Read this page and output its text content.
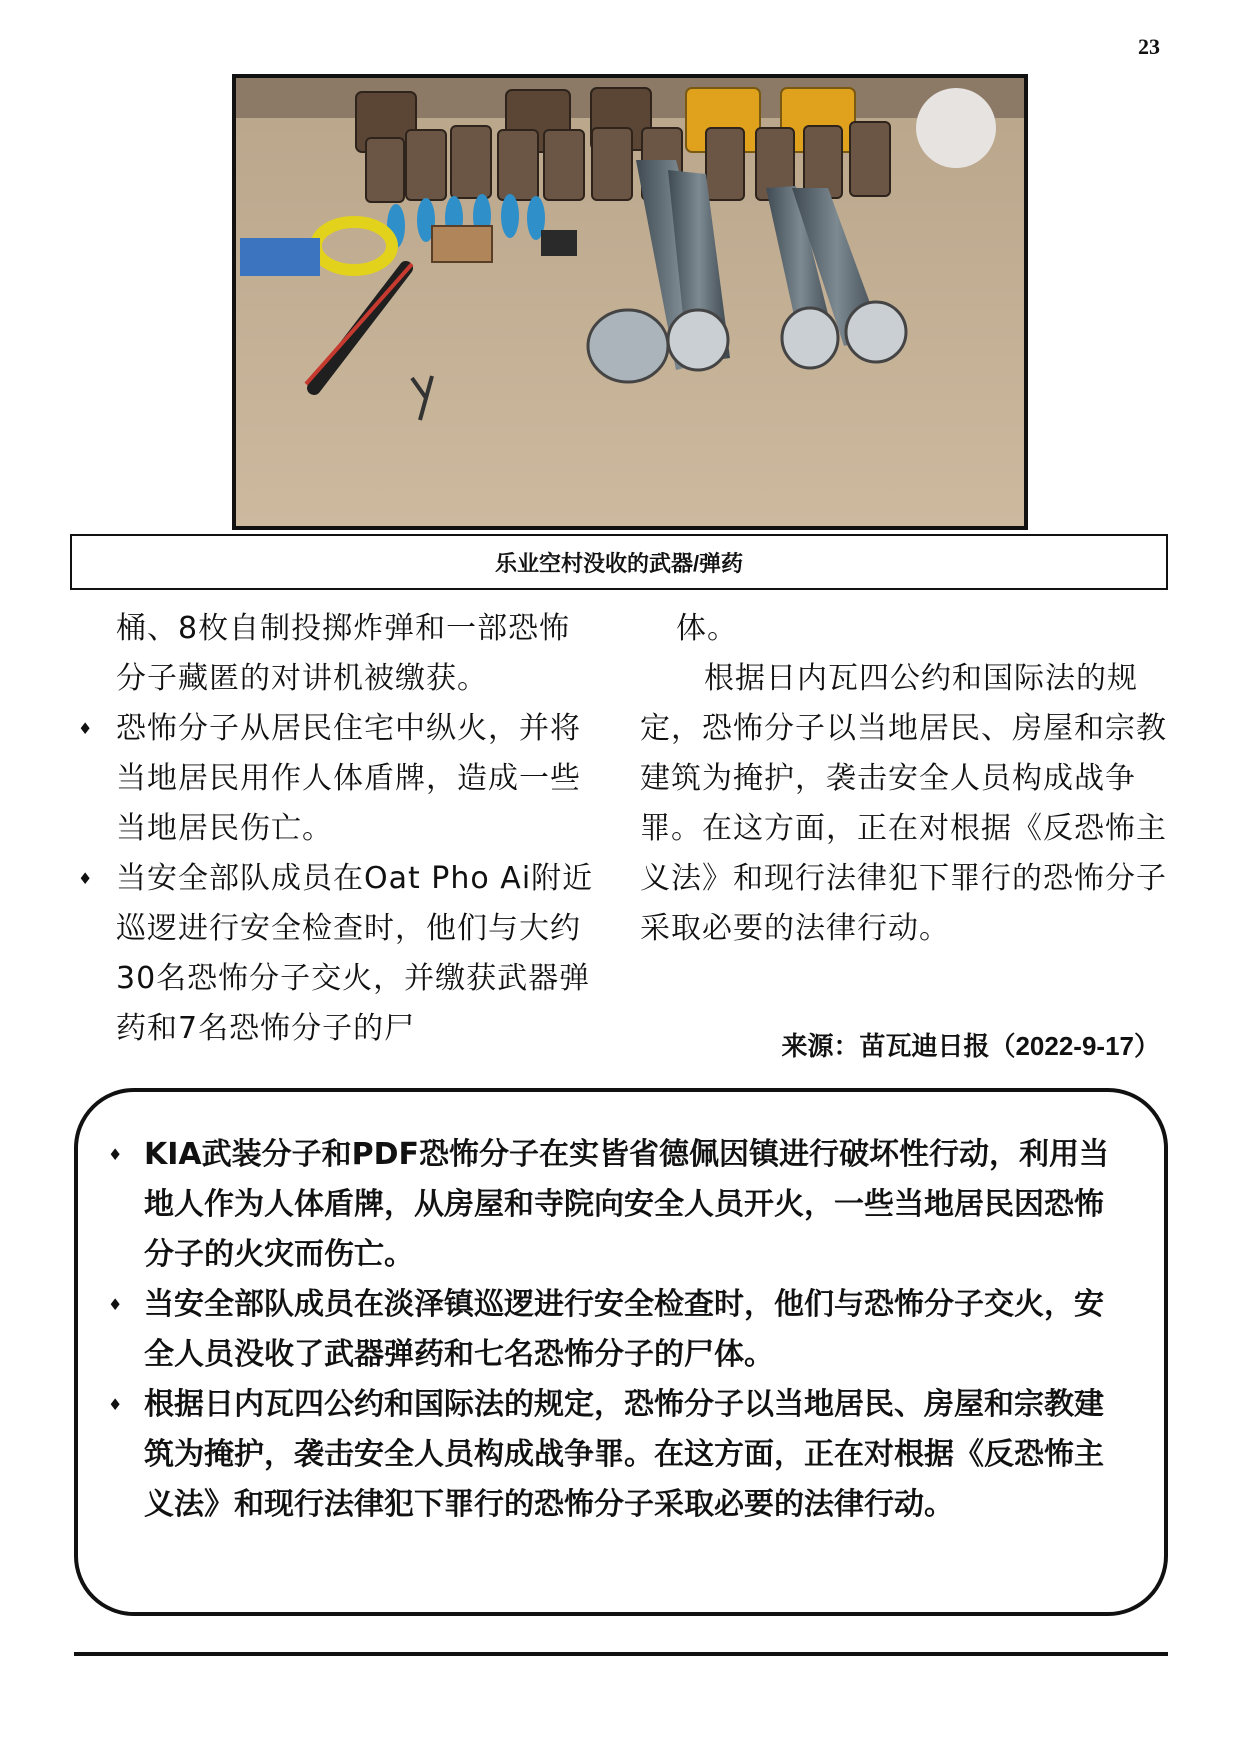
23
乐业空村没收的武器/弹药

桶、8枚自制投掷炸弹和一部恐怖分子藏匿的对讲机被缴获。

♦ 恐怖分子从居民住宅中纵火，并将当地居民用作人体盾牌，造成一些当地居民伤亡。

♦ 当安全部队成员在Oat Pho Ai附近巡逻进行安全检查时，他们与大约30名恐怖分子交火，并缴获武器弹药和7名恐怖分子的尸

体。

根据日内瓦四公约和国际法的规定，恐怖分子以当地居民、房屋和宗教建筑为掩护，袭击安全人员构成战争罪。在这方面，正在对根据《反恐怖主义法》和现行法律犯下罪行的恐怖分子采取必要的法律行动。

来源：苗瓦迪日报（2022-9-17）

♦ KIA武装分子和PDF恐怖分子在实皆省德佩因镇进行破坏性行动，利用当地人作为人体盾牌，从房屋和寺院向安全人员开火，一些当地居民因恐怖分子的火灾而伤亡。

♦ 当安全部队成员在淡泽镇巡逻进行安全检查时，他们与恐怖分子交火，安全人员没收了武器弹药和七名恐怖分子的尸体。

♦ 根据日内瓦四公约和国际法的规定，恐怖分子以当地居民、房屋和宗教建筑为掩护，袭击安全人员构成战争罪。在这方面，正在对根据《反恐怖主义法》和现行法律犯下罪行的恐怖分子采取必要的法律行动。
